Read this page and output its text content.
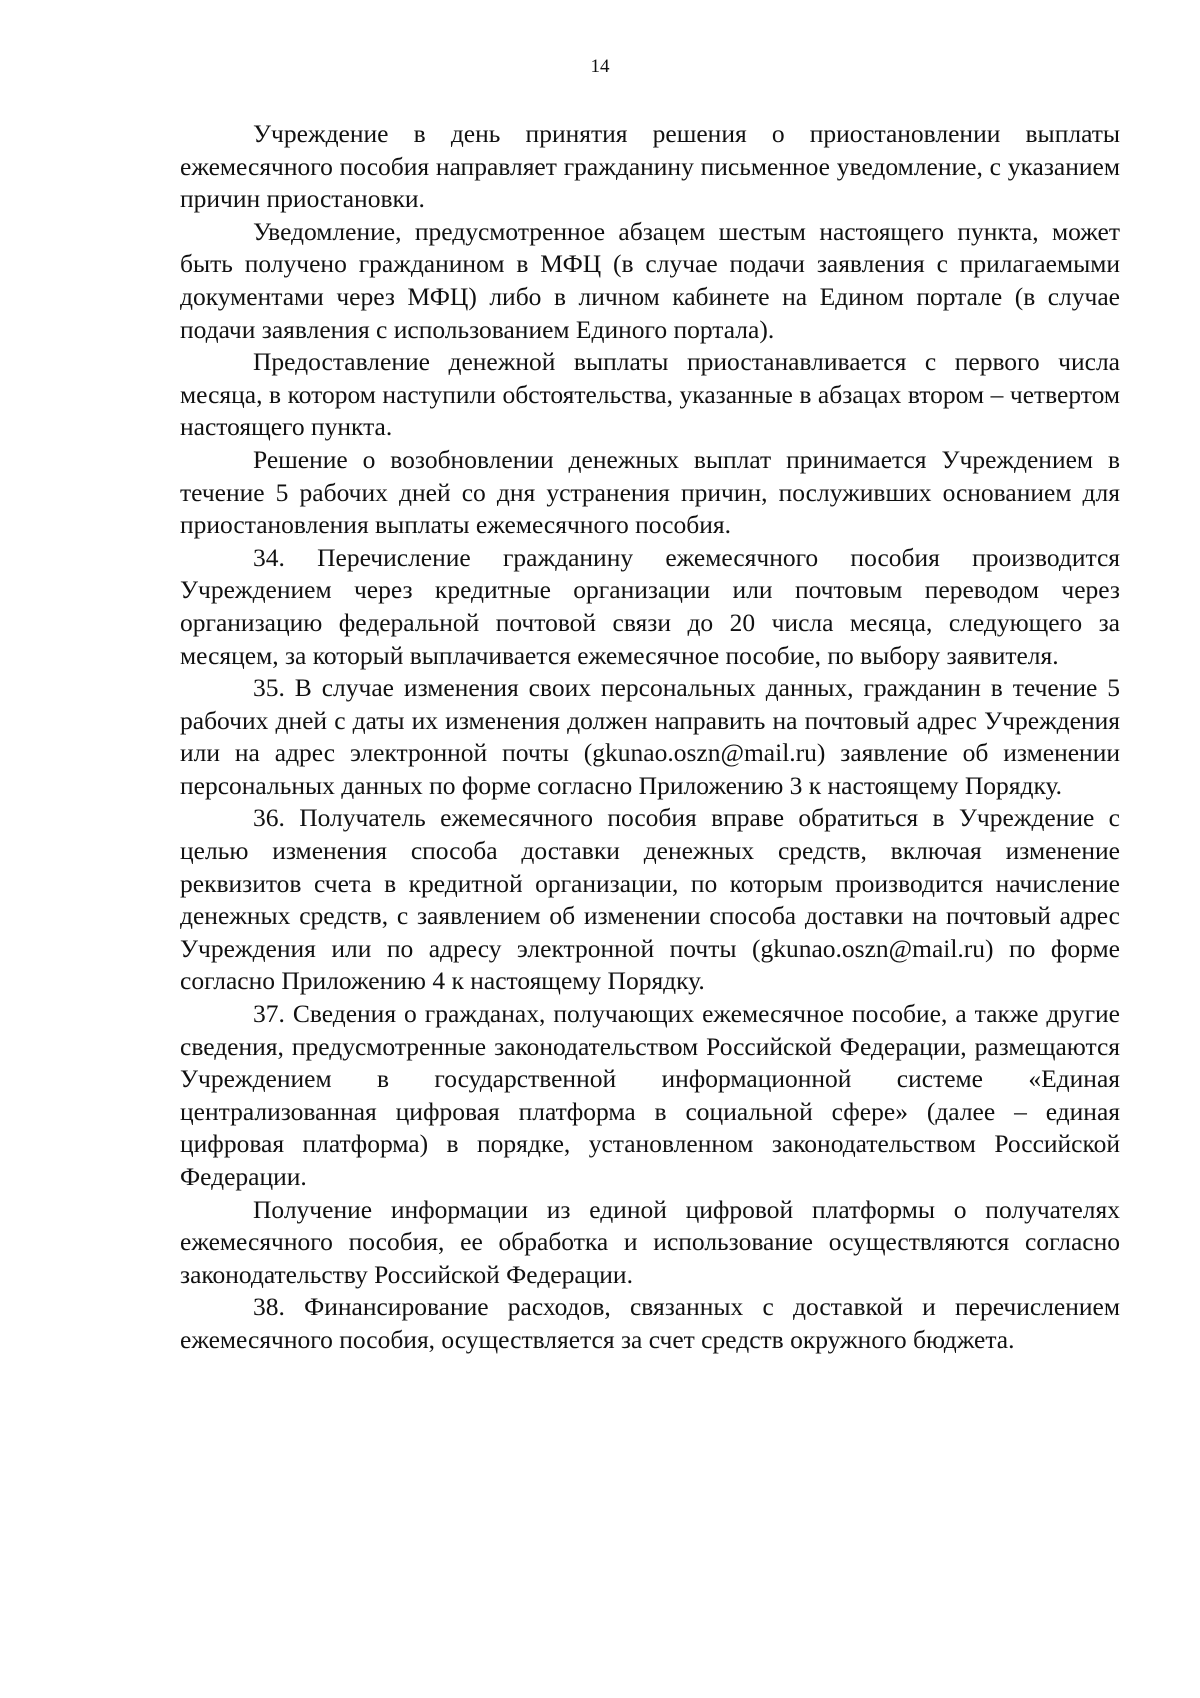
14

Учреждение в день принятия решения о приостановлении выплаты ежемесячного пособия направляет гражданину письменное уведомление, с указанием причин приостановки.

Уведомление, предусмотренное абзацем шестым настоящего пункта, может быть получено гражданином в МФЦ (в случае подачи заявления с прилагаемыми документами через МФЦ) либо в личном кабинете на Едином портале (в случае подачи заявления с использованием Единого портала).

Предоставление денежной выплаты приостанавливается с первого числа месяца, в котором наступили обстоятельства, указанные в абзацах втором – четвертом настоящего пункта.

Решение о возобновлении денежных выплат принимается Учреждением в течение 5 рабочих дней со дня устранения причин, послуживших основанием для приостановления выплаты ежемесячного пособия.

34. Перечисление гражданину ежемесячного пособия производится Учреждением через кредитные организации или почтовым переводом через организацию федеральной почтовой связи до 20 числа месяца, следующего за месяцем, за который выплачивается ежемесячное пособие, по выбору заявителя.

35. В случае изменения своих персональных данных, гражданин в течение 5 рабочих дней с даты их изменения должен направить на почтовый адрес Учреждения или на адрес электронной почты (gkunao.oszn@mail.ru) заявление об изменении персональных данных по форме согласно Приложению 3 к настоящему Порядку.

36. Получатель ежемесячного пособия вправе обратиться в Учреждение с целью изменения способа доставки денежных средств, включая изменение реквизитов счета в кредитной организации, по которым производится начисление денежных средств, с заявлением об изменении способа доставки на почтовый адрес Учреждения или по адресу электронной почты (gkunao.oszn@mail.ru) по форме согласно Приложению 4 к настоящему Порядку.

37. Сведения о гражданах, получающих ежемесячное пособие, а также другие сведения, предусмотренные законодательством Российской Федерации, размещаются Учреждением в государственной информационной системе «Единая централизованная цифровая платформа в социальной сфере» (далее – единая цифровая платформа) в порядке, установленном законодательством Российской Федерации.

Получение информации из единой цифровой платформы о получателях ежемесячного пособия, ее обработка и использование осуществляются согласно законодательству Российской Федерации.

38. Финансирование расходов, связанных с доставкой и перечислением ежемесячного пособия, осуществляется за счет средств окружного бюджета.
